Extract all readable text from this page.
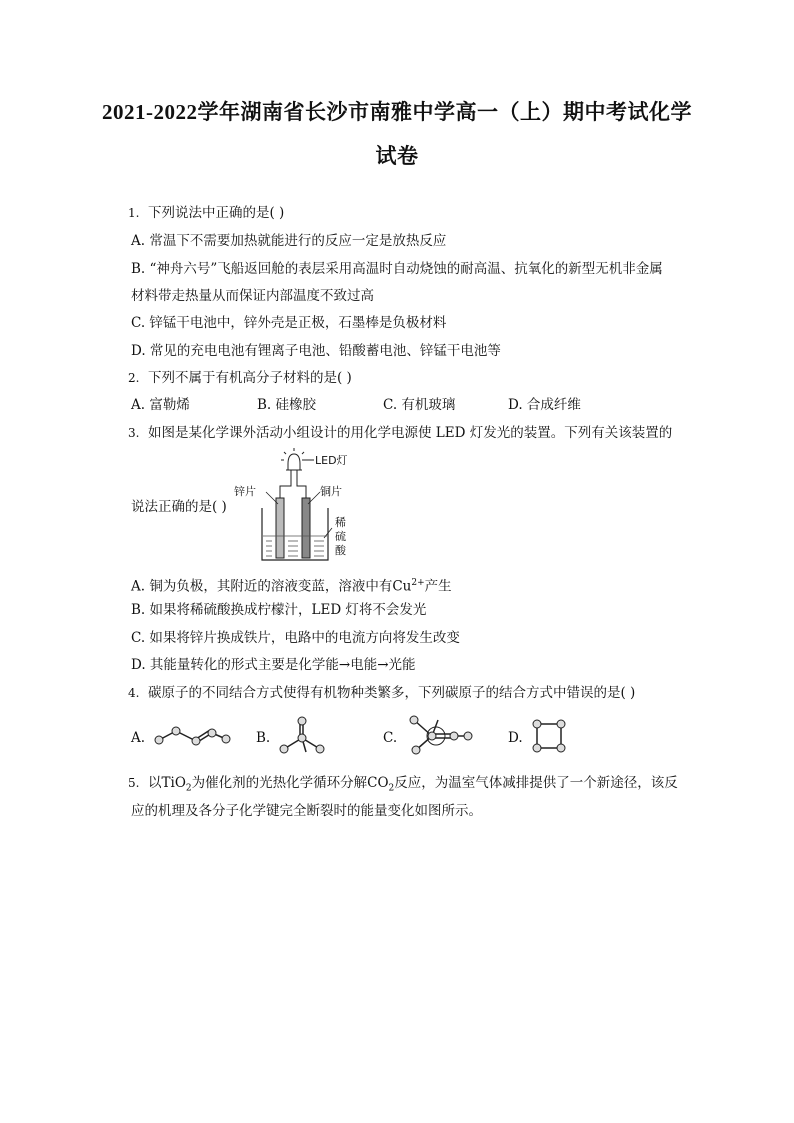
2021-2022学年湖南省长沙市南雅中学高一（上）期中考试化学
试卷
1. 下列说法中正确的是( )
A. 常温下不需要加热就能进行的反应一定是放热反应
B. “神舟六号”飞船返回舱的表层采用高温时自动烧蚀的耐高温、抗氧化的新型无机非金属
材料带走热量从而保证内部温度不致过高
C. 锌锰干电池中，锌外壳是正极，石墨棒是负极材料
D. 常见的充电电池有锂离子电池、铅酸蓄电池、锌锰干电池等
2. 下列不属于有机高分子材料的是( )
A. 富勒烯	B. 硅橡胶	C. 有机玻璃	D. 合成纤维
3. 如图是某化学课外活动小组设计的用化学电源使 LED 灯发光的装置。下列有关该装置的
说法正确的是( )
LED灯
锌片	铜片
稀
硫
酸
A. 铜为负极，其附近的溶液变蓝，溶液中有$Cu^{2+}$产生
B. 如果将稀硫酸换成柠檬汁，LED 灯将不会发光
C. 如果将锌片换成铁片，电路中的电流方向将发生改变
D. 其能量转化的形式主要是化学能→电能→光能
4. 碳原子的不同结合方式使得有机物种类繁多，下列碳原子的结合方式中错误的是( )
A.	B.	C.	D.
5. 以TiO$_2$为催化剂的光热化学循环分解$CO_2$反应，为温室气体减排提供了一个新途径，该反
应的机理及各分子化学键完全断裂时的能量变化如图所示。
